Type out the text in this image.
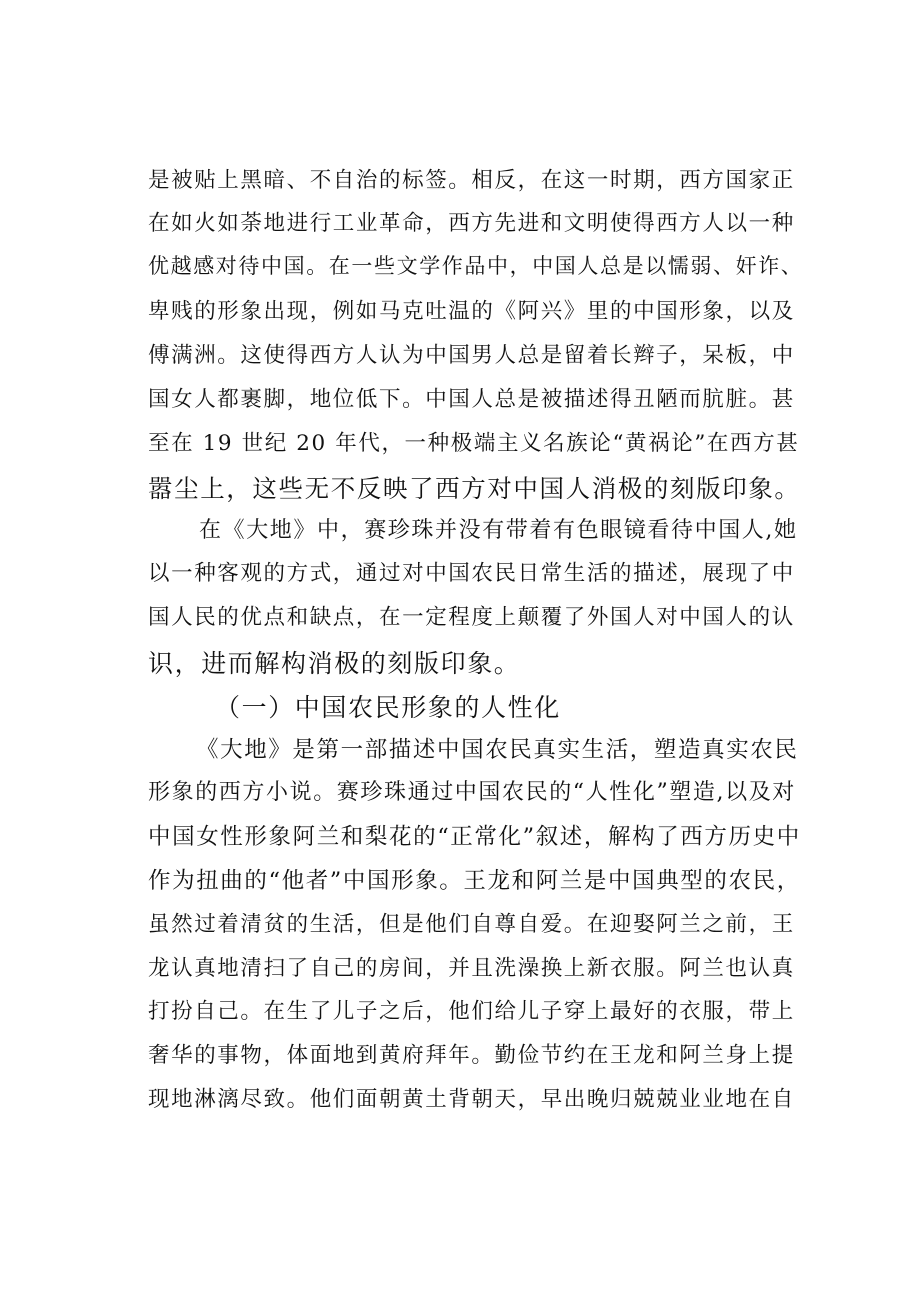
是被贴上黑暗、不自治的标签。相反，在这一时期，西方国家正
在如火如荼地进行工业革命，西方先进和文明使得西方人以一种
优越感对待中国。在一些文学作品中，中国人总是以懦弱、奸诈、
卑贱的形象出现，例如马克吐温的《阿兴》里的中国形象，以及
傅满洲。这使得西方人认为中国男人总是留着长辫子，呆板，中
国女人都裹脚，地位低下。中国人总是被描述得丑陋而肮脏。甚
至在 19 世纪 20 年代，一种极端主义名族论“黄祸论”在西方甚
嚣尘上，这些无不反映了西方对中国人消极的刻版印象。
在《大地》中，赛珍珠并没有带着有色眼镜看待中国人,她
以一种客观的方式，通过对中国农民日常生活的描述，展现了中
国人民的优点和缺点，在一定程度上颠覆了外国人对中国人的认
识，进而解构消极的刻版印象。
（一）中国农民形象的人性化
《大地》是第一部描述中国农民真实生活，塑造真实农民
形象的西方小说。赛珍珠通过中国农民的“人性化”塑造,以及对
中国女性形象阿兰和梨花的“正常化”叙述，解构了西方历史中
作为扭曲的“他者”中国形象。王龙和阿兰是中国典型的农民，
虽然过着清贫的生活，但是他们自尊自爱。在迎娶阿兰之前，王
龙认真地清扫了自己的房间，并且洗澡换上新衣服。阿兰也认真
打扮自己。在生了儿子之后，他们给儿子穿上最好的衣服，带上
奢华的事物，体面地到黄府拜年。勤俭节约在王龙和阿兰身上提
现地淋漓尽致。他们面朝黄土背朝天，早出晚归兢兢业业地在自
